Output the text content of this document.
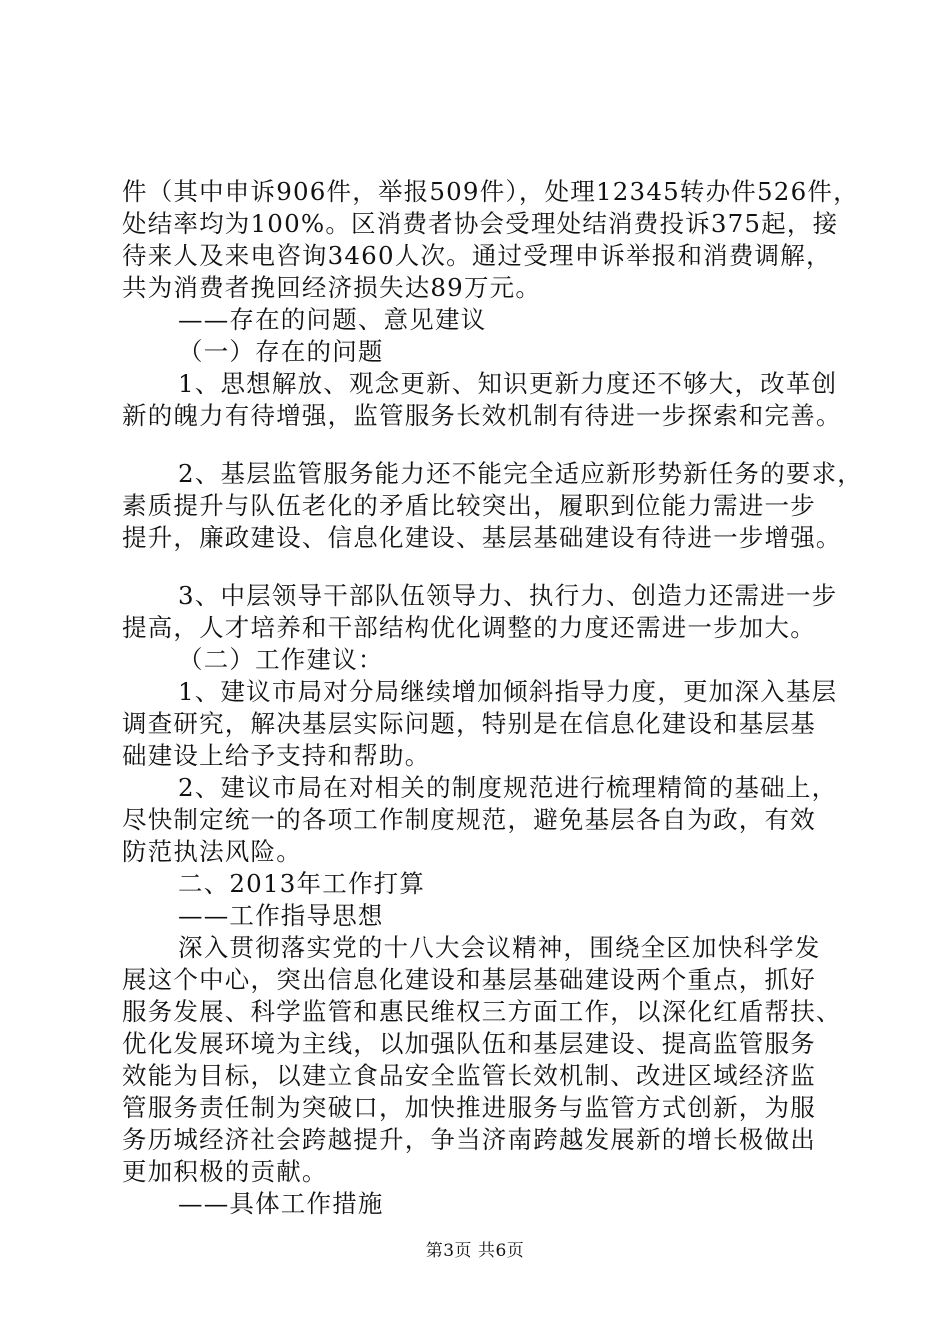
件（其中申诉906件，举报509件），处理12345转办件526件，
处结率均为100%。区消费者协会受理处结消费投诉375起，接
待来人及来电咨询3460人次。通过受理申诉举报和消费调解，
共为消费者挽回经济损失达89万元。
——存在的问题、意见建议
（一）存在的问题
1、思想解放、观念更新、知识更新力度还不够大，改革创
新的魄力有待增强，监管服务长效机制有待进一步探索和完善。
2、基层监管服务能力还不能完全适应新形势新任务的要求，
素质提升与队伍老化的矛盾比较突出，履职到位能力需进一步
提升，廉政建设、信息化建设、基层基础建设有待进一步增强。
3、中层领导干部队伍领导力、执行力、创造力还需进一步
提高，人才培养和干部结构优化调整的力度还需进一步加大。
（二）工作建议：
1、建议市局对分局继续增加倾斜指导力度，更加深入基层
调查研究，解决基层实际问题，特别是在信息化建设和基层基
础建设上给予支持和帮助。
2、建议市局在对相关的制度规范进行梳理精简的基础上，
尽快制定统一的各项工作制度规范，避免基层各自为政，有效
防范执法风险。
二、2013年工作打算
——工作指导思想
深入贯彻落实党的十八大会议精神，围绕全区加快科学发
展这个中心，突出信息化建设和基层基础建设两个重点，抓好
服务发展、科学监管和惠民维权三方面工作，以深化红盾帮扶、
优化发展环境为主线，以加强队伍和基层建设、提高监管服务
效能为目标，以建立食品安全监管长效机制、改进区域经济监
管服务责任制为突破口，加快推进服务与监管方式创新，为服
务历城经济社会跨越提升，争当济南跨越发展新的增长极做出
更加积极的贡献。
——具体工作措施
第3页 共6页
